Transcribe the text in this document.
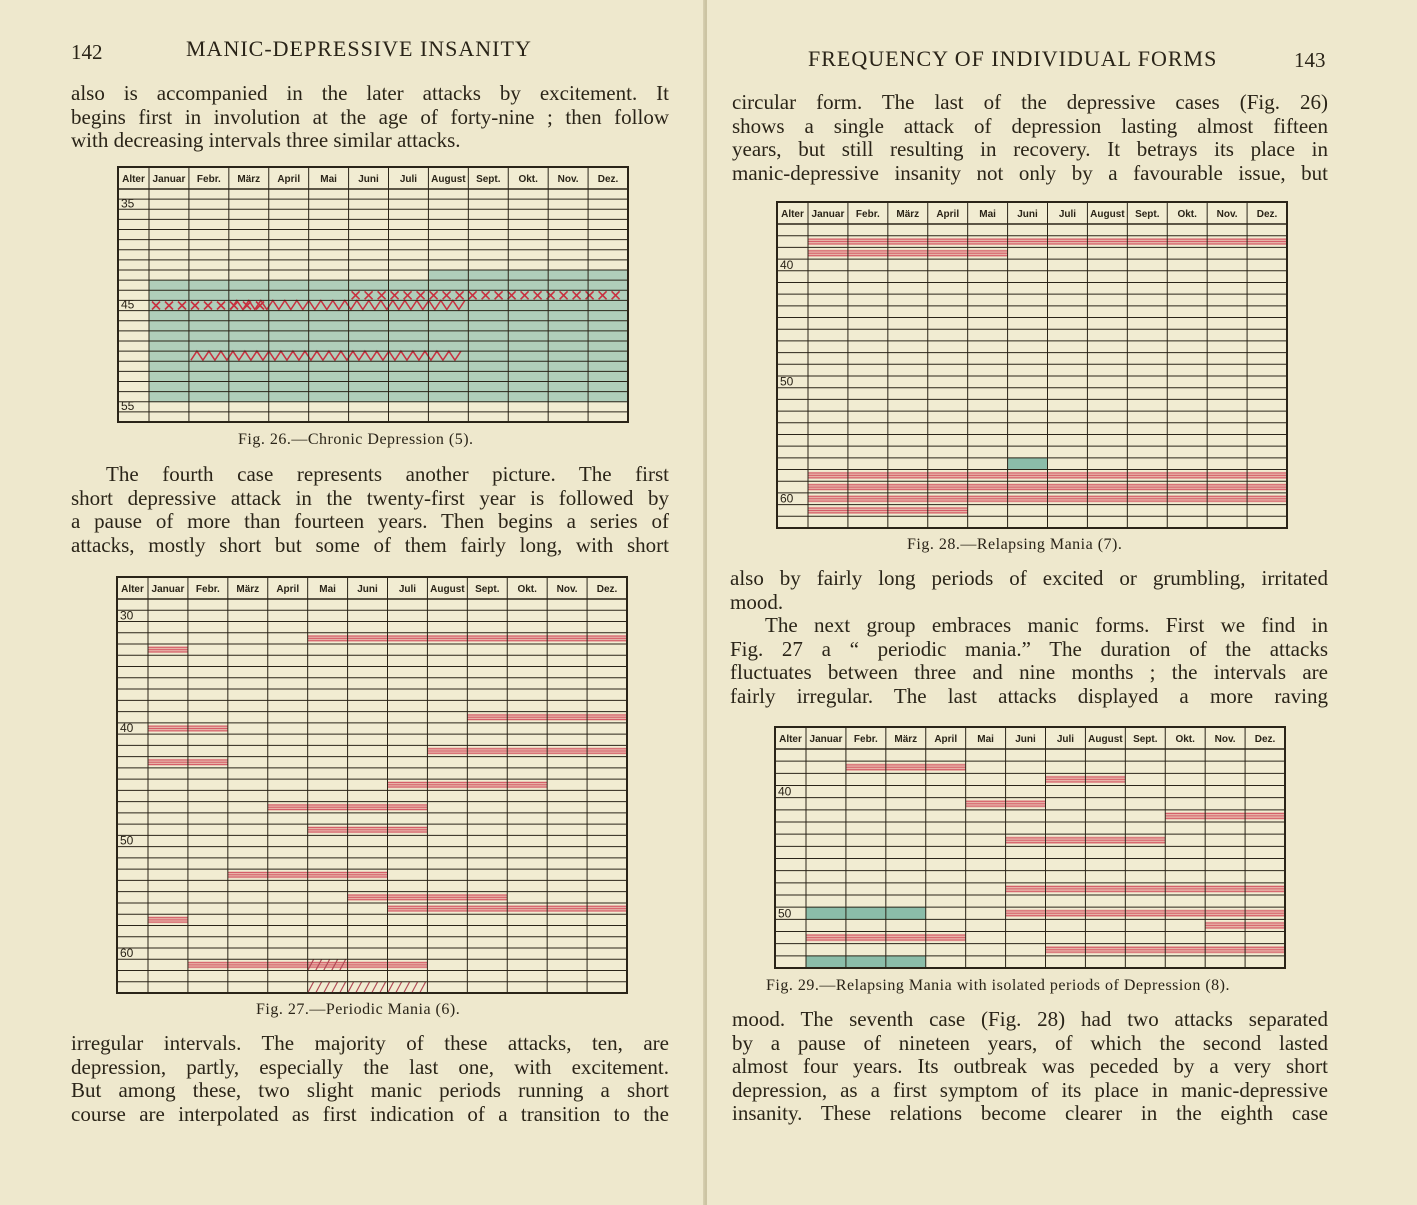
142	MANIC-DEPRESSIVE INSANITY
also is accompanied in the later attacks by excitement. It
begins first in involution at the age of forty-nine ; then follow
with decreasing intervals three similar attacks.
Alter Januar Febr. März April Mai Juni Juli August Sept. Okt. Nov. Dez.
35
45
55
Fig. 26.—Chronic Depression (5).
The fourth case represents another picture. The first
short depressive attack in the twenty-first year is followed by
a pause of more than fourteen years. Then begins a series of
attacks, mostly short but some of them fairly long, with short
Alter Januar Febr. März April Mai Juni Juli August Sept. Okt. Nov. Dez.
30
40
50
60
Fig. 27.—Periodic Mania (6).
irregular intervals. The majority of these attacks, ten, are
depression, partly, especially the last one, with excitement.
But among these, two slight manic periods running a short
course are interpolated as first indication of a transition to the
FREQUENCY OF INDIVIDUAL FORMS	143
circular form. The last of the depressive cases (Fig. 26)
shows a single attack of depression lasting almost fifteen
years, but still resulting in recovery. It betrays its place in
manic-depressive insanity not only by a favourable issue, but
Alter Januar Febr. März April Mai Juni Juli August Sept. Okt. Nov. Dez.
40
50
60
Fig. 28.—Relapsing Mania (7).
also by fairly long periods of excited or grumbling, irritated
mood.
The next group embraces manic forms. First we find in
Fig. 27 a “ periodic mania.” The duration of the attacks
fluctuates between three and nine months ; the intervals are
fairly irregular. The last attacks displayed a more raving
Alter Januar Febr. März April Mai Juni Juli August Sept. Okt. Nov. Dez.
40
50
Fig. 29.—Relapsing Mania with isolated periods of Depression (8).
mood. The seventh case (Fig. 28) had two attacks separated
by a pause of nineteen years, of which the second lasted
almost four years. Its outbreak was peceded by a very short
depression, as a first symptom of its place in manic-depressive
insanity. These relations become clearer in the eighth case
